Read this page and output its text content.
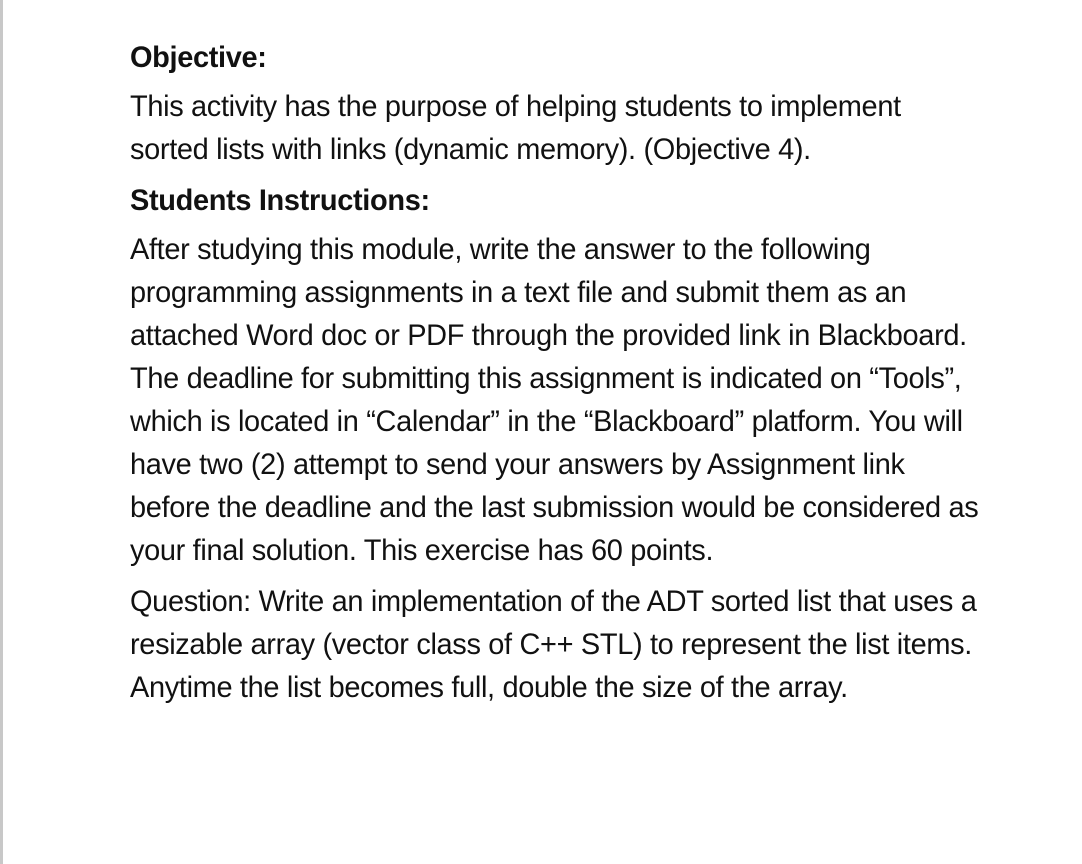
Objective:
This activity has the purpose of helping students to implement sorted lists with links (dynamic memory). (Objective 4).
Students Instructions:
After studying this module, write the answer to the following programming assignments in a text file and submit them as an attached Word doc or PDF through the provided link in Blackboard. The deadline for submitting this assignment is indicated on “Tools”, which is located in “Calendar” in the “Blackboard” platform. You will have two (2) attempt to send your answers by Assignment link before the deadline and the last submission would be considered as your final solution. This exercise has 60 points.
Question: Write an implementation of the ADT sorted list that uses a resizable array (vector class of C++ STL) to represent the list items. Anytime the list becomes full, double the size of the array.
